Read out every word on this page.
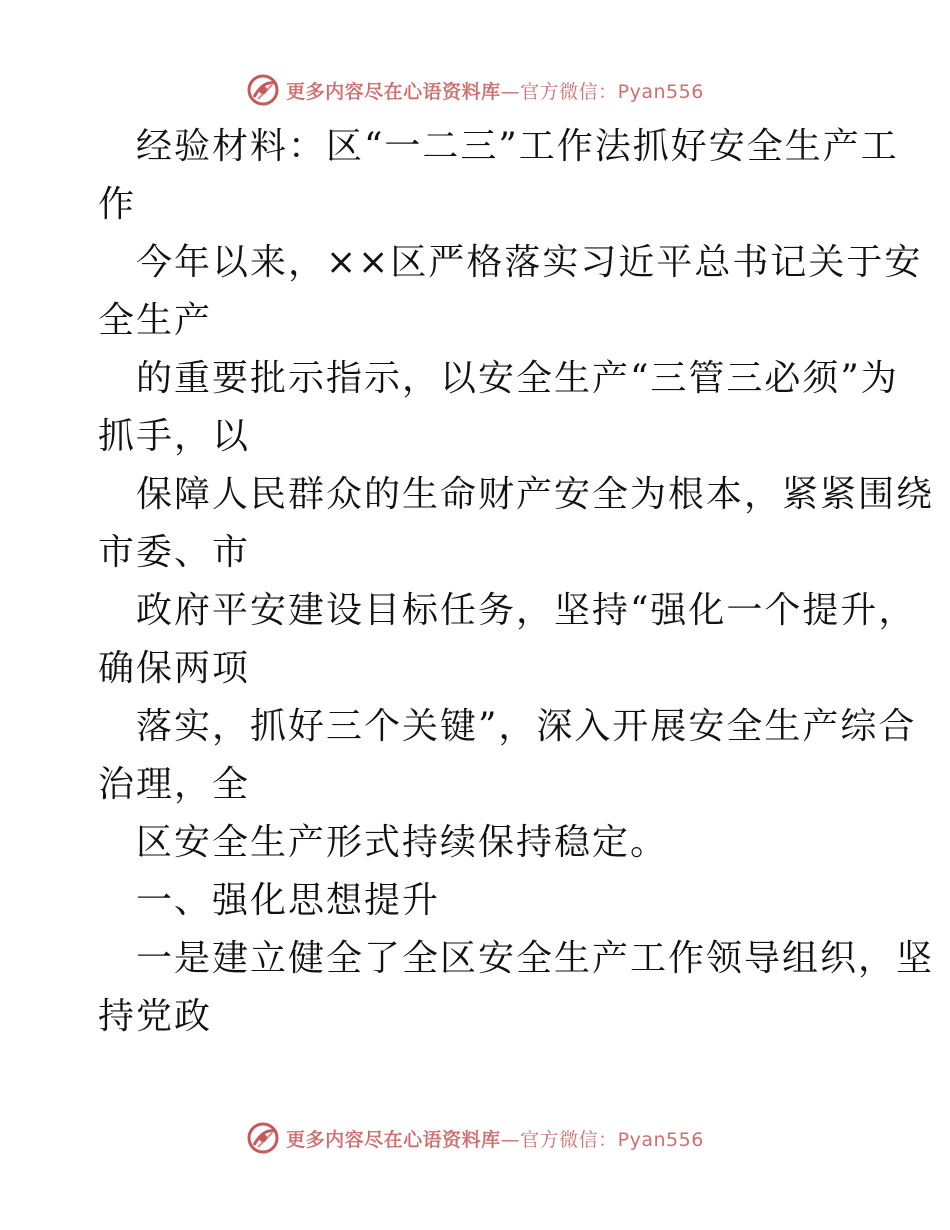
更多内容尽在心语资料库—官方微信：Pyan556
经验材料：区“一二三”工作法抓好安全生产工
作
今年以来，××区严格落实习近平总书记关于安
全生产
的重要批示指示，以安全生产“三管三必须”为
抓手，以
保障人民群众的生命财产安全为根本，紧紧围绕
市委、市
政府平安建设目标任务，坚持“强化一个提升，
确保两项
落实，抓好三个关键”，深入开展安全生产综合
治理，全
区安全生产形式持续保持稳定。
一、强化思想提升
一是建立健全了全区安全生产工作领导组织，坚
持党政
更多内容尽在心语资料库—官方微信：Pyan556
